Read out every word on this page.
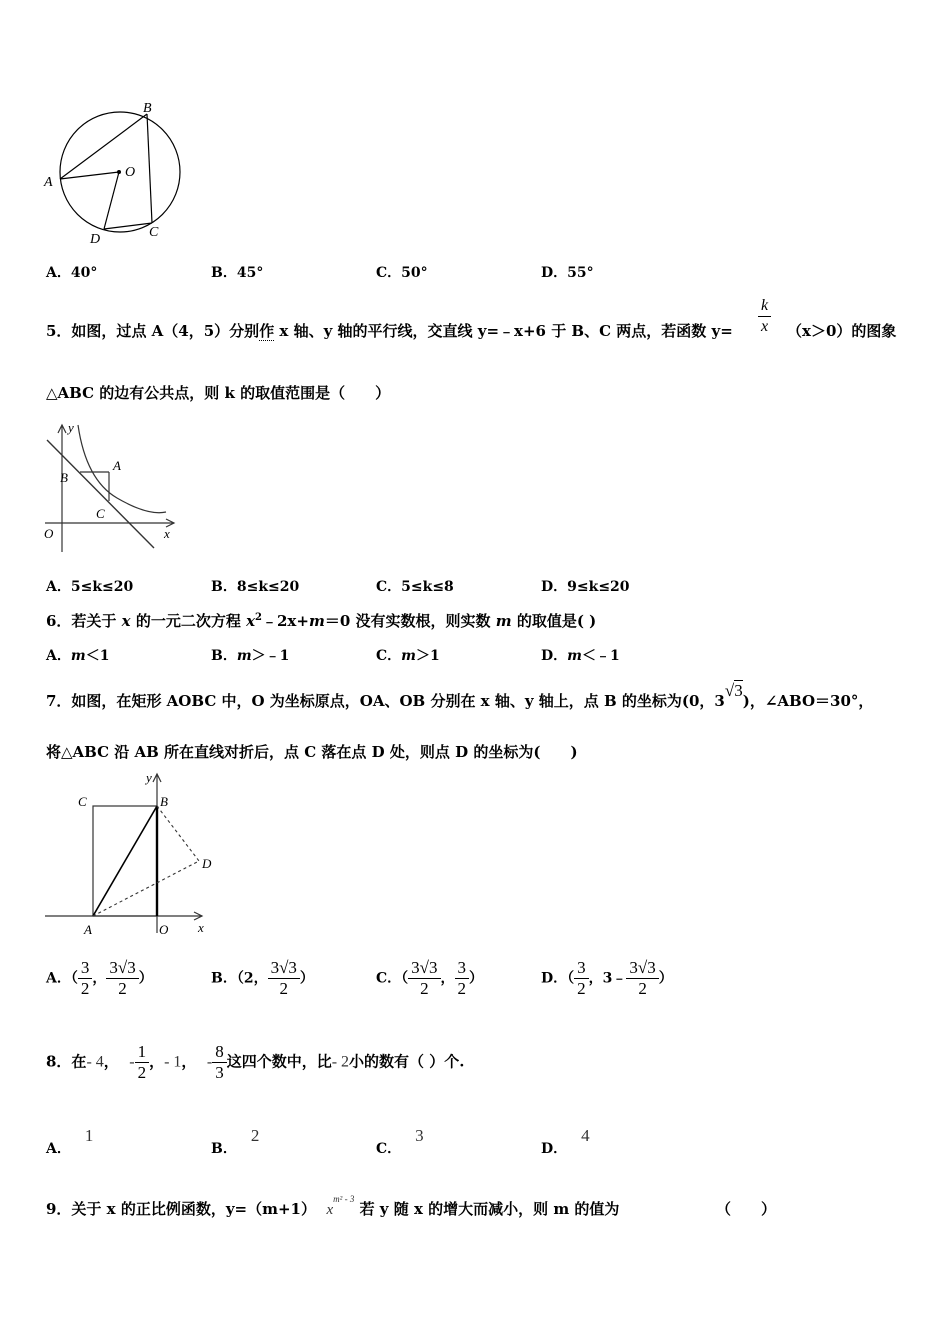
B
A
O
D	C
A．40°	B．45°	C．50°	D．55°
5．如图，过点 A（4，5）分别作 x 轴、y 轴的平行线，交直线 y=﹣x+6 于 B、C 两点，若函数 $y= \frac{k}{x} (x>0)$的图象
△ABC 的边有公共点，则 k 的取值范围是（　　）
y
A
B
C
O	x
A．5≤k≤20	B．8≤k≤20	C．5≤k≤8	D．9≤k≤20
6．若关于 x 的一元二次方程 $x^2﹣2x+m=0$ 没有实数根，则实数 m 的取值是( )
A．m＜1	B．m＞﹣1	C．m＞1	D．m＜﹣1
7．如图，在矩形 AOBC 中，O 为坐标原点，OA、OB 分别在 x 轴、y 轴上，点 B 的坐标为(0，3√3)，∠ABO＝30°，
将△ABC 沿 AB 所在直线对折后，点 C 落在点 D 处，则点 D 的坐标为(　　)
y
C	B
D
A	O x
A．（ $\frac{3}{2}$ ， $\frac{3√3}{2}$ ）	B．（2， $\frac{3√3}{2}$ ）	C．（ $\frac{3√3}{2}$ ， $\frac{3}{2}$ ）	D．（ $\frac{3}{2}$ ，3﹣ $\frac{3√3}{2}$ ）
8．在- 4， - $\frac{1}{2}$ ，- 1， - $\frac{8}{3}$ 这四个数中，比- 2小的数有（ ）个.
A．1
B．2
C．3
D．4
9．关于 x 的正比例函数，y=（m+1） $x^{m^2 - 3}$ 若 y 随 x 的增大而减小，则 m 的值为	（　　）
